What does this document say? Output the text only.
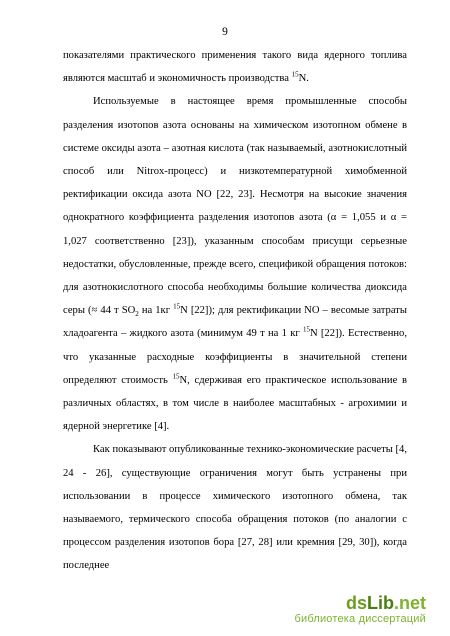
9

показателями практического применения такого вида ядерного топлива являются масштаб и экономичность производства $^{15}$N.

Используемые в настоящее время промышленные способы разделения изотопов азота основаны на химическом изотопном обмене в системе оксиды азота – азотная кислота (так называемый, азотнокислотный способ или Nitrox-процесс) и низкотемпературной химобменной ректификации оксида азота NO [22, 23]. Несмотря на высокие значения однократного коэффициента разделения изотопов азота (α = 1,055 и α = 1,027 соответственно [23]), указанным способам присущи серьезные недостатки, обусловленные, прежде всего, спецификой обращения потоков: для азотнокислотного способа необходимы большие количества диоксида серы (≈ 44 т $SO_2$ на 1кг $^{15}$N [22]); для ректификации NO – весомые затраты хладоагента – жидкого азота (минимум 49 т на 1 кг $^{15}$N [22]). Естественно, что указанные расходные коэффициенты в значительной степени определяют стоимость $^{15}$N, сдерживая его практическое использование в различных областях, в том числе в наиболее масштабных - агрохимии и ядерной энергетике [4].

Как показывают опубликованные технико-экономические расчеты [4, 24 - 26], существующие ограничения могут быть устранены при использовании в процессе химического изотопного обмена, так называемого, термического способа обращения потоков (по аналогии с процессом разделения изотопов бора [27, 28] или кремния [29, 30]), когда последнее

dsLib.net
библиотека диссертаций
